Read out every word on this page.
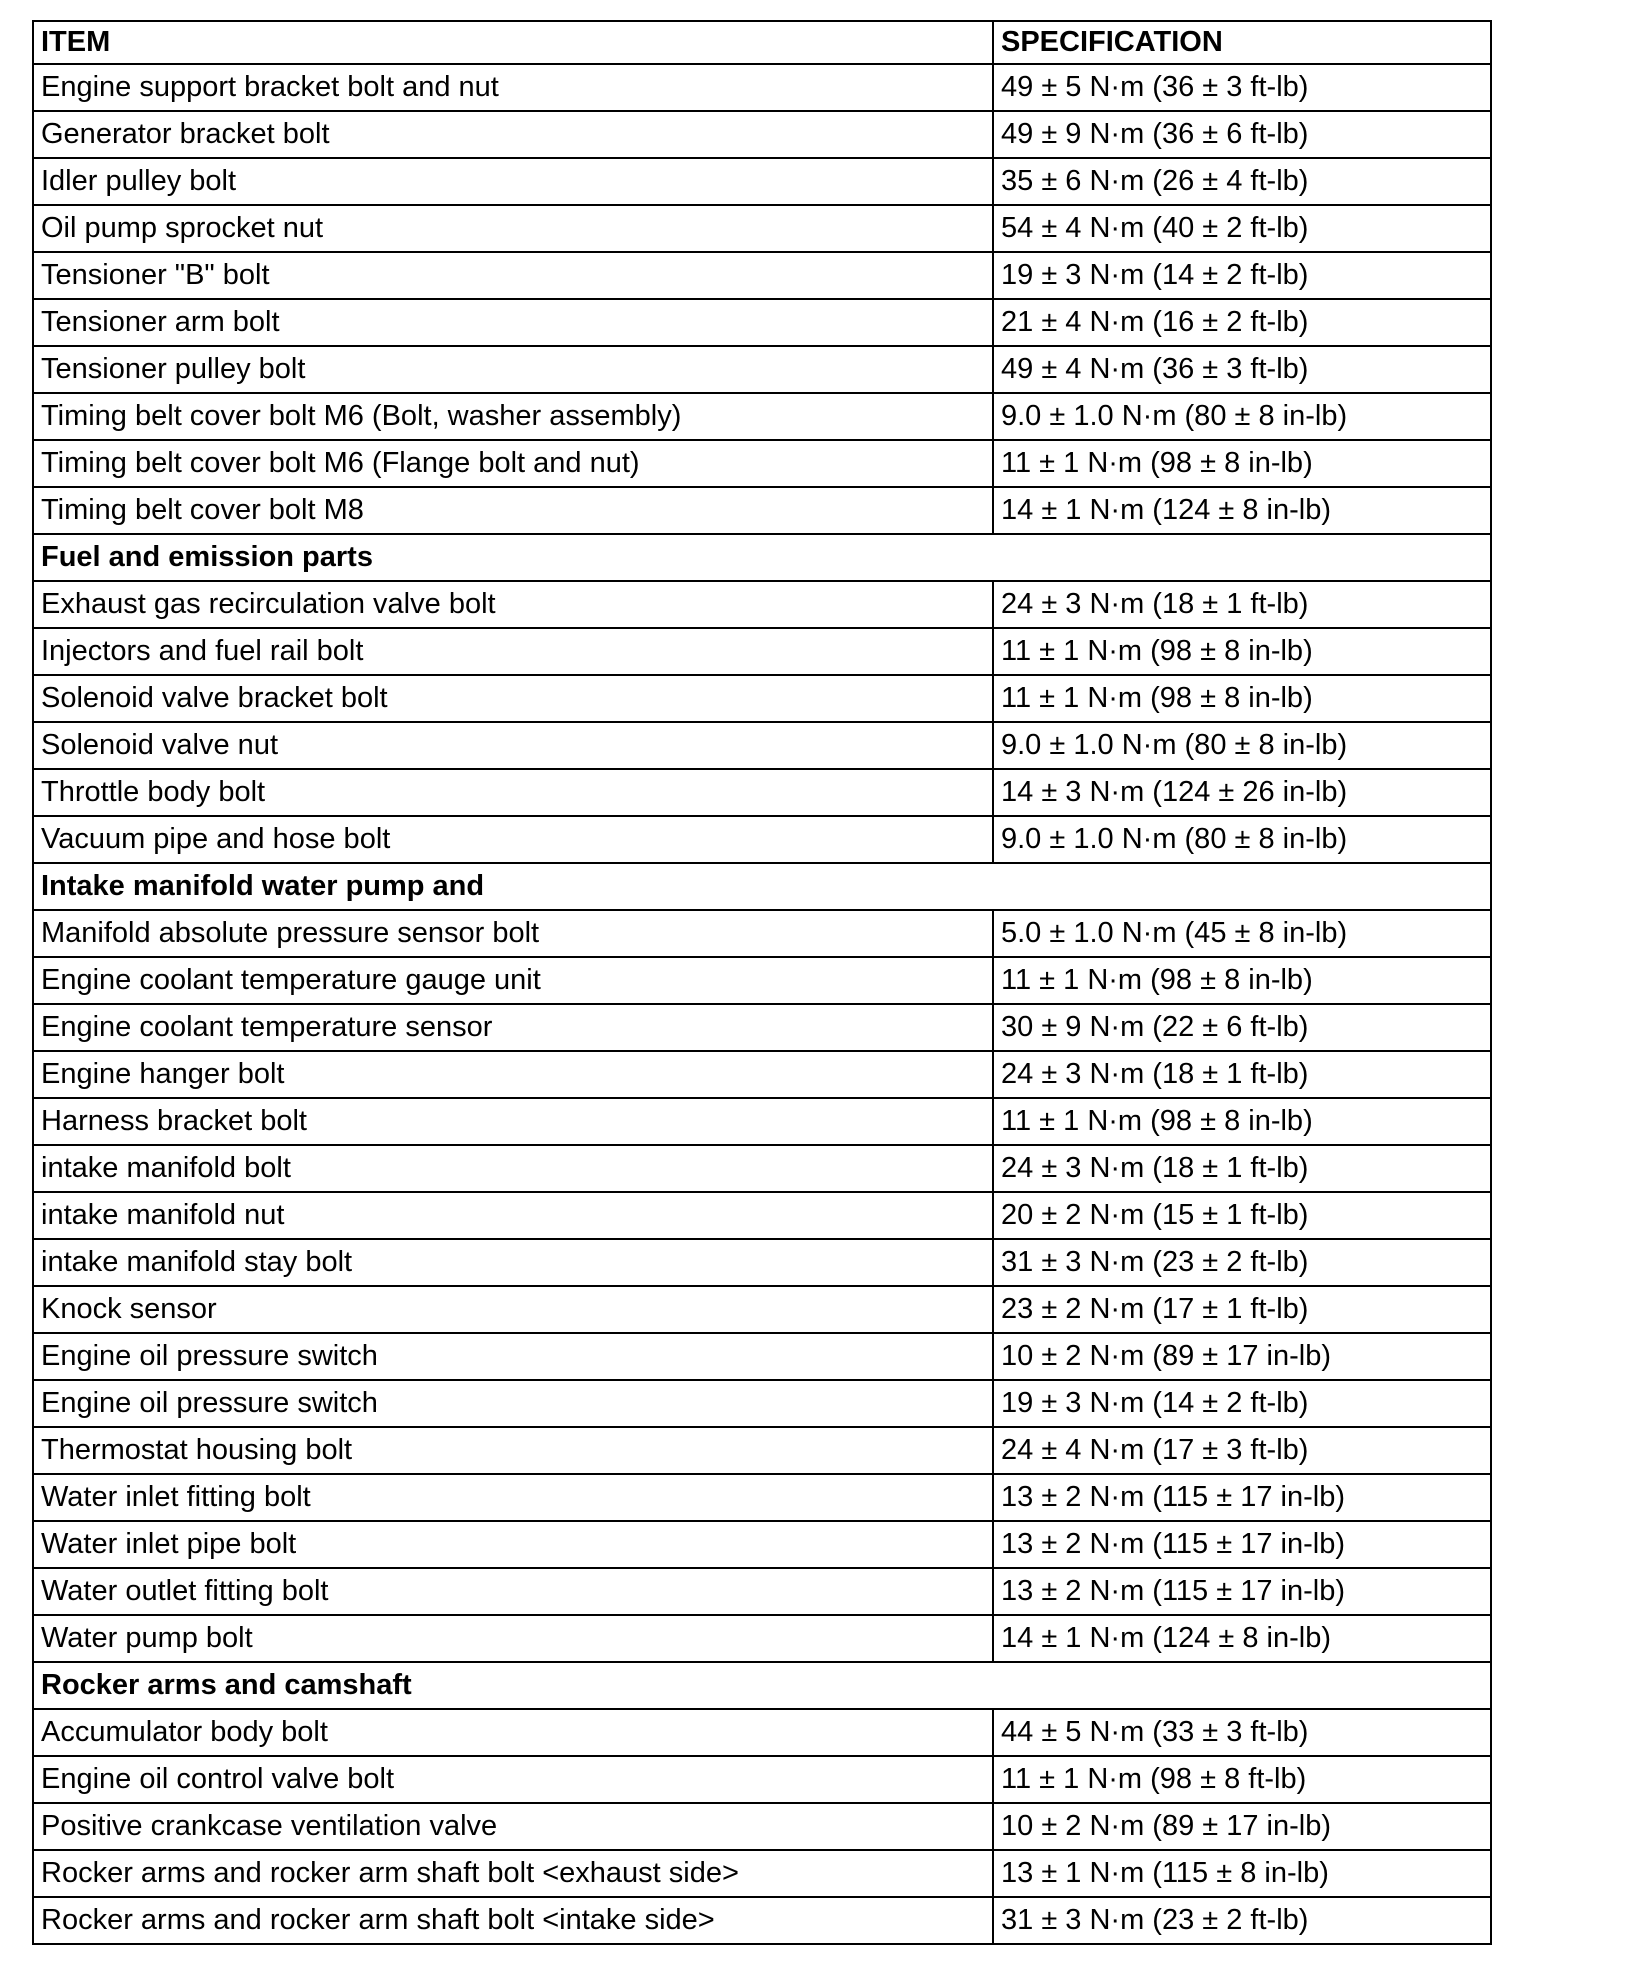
ITEM	SPECIFICATION
Engine support bracket bolt and nut	49 ± 5 N·m (36 ± 3 ft-lb)
Generator bracket bolt	49 ± 9 N·m (36 ± 6 ft-lb)
Idler pulley bolt	35 ± 6 N·m (26 ± 4 ft-lb)
Oil pump sprocket nut	54 ± 4 N·m (40 ± 2 ft-lb)
Tensioner "B" bolt	19 ± 3 N·m (14 ± 2 ft-lb)
Tensioner arm bolt	21 ± 4 N·m (16 ± 2 ft-lb)
Tensioner pulley bolt	49 ± 4 N·m (36 ± 3 ft-lb)
Timing belt cover bolt M6 (Bolt, washer assembly)	9.0 ± 1.0 N·m (80 ± 8 in-lb)
Timing belt cover bolt M6 (Flange bolt and nut)	11 ± 1 N·m (98 ± 8 in-lb)
Timing belt cover bolt M8	14 ± 1 N·m (124 ± 8 in-lb)
Fuel and emission parts	
Exhaust gas recirculation valve bolt	24 ± 3 N·m (18 ± 1 ft-lb)
Injectors and fuel rail bolt	11 ± 1 N·m (98 ± 8 in-lb)
Solenoid valve bracket bolt	11 ± 1 N·m (98 ± 8 in-lb)
Solenoid valve nut	9.0 ± 1.0 N·m (80 ± 8 in-lb)
Throttle body bolt	14 ± 3 N·m (124 ± 26 in-lb)
Vacuum pipe and hose bolt	9.0 ± 1.0 N·m (80 ± 8 in-lb)
Intake manifold water pump and	
Manifold absolute pressure sensor bolt	5.0 ± 1.0 N·m (45 ± 8 in-lb)
Engine coolant temperature gauge unit	11 ± 1 N·m (98 ± 8 in-lb)
Engine coolant temperature sensor	30 ± 9 N·m (22 ± 6 ft-lb)
Engine hanger bolt	24 ± 3 N·m (18 ± 1 ft-lb)
Harness bracket bolt	11 ± 1 N·m (98 ± 8 in-lb)
intake manifold bolt	24 ± 3 N·m (18 ± 1 ft-lb)
intake manifold nut	20 ± 2 N·m (15 ± 1 ft-lb)
intake manifold stay bolt	31 ± 3 N·m (23 ± 2 ft-lb)
Knock sensor	23 ± 2 N·m (17 ± 1 ft-lb)
Engine oil pressure switch	10 ± 2 N·m (89 ± 17 in-lb)
Engine oil pressure switch	19 ± 3 N·m (14 ± 2 ft-lb)
Thermostat housing bolt	24 ± 4 N·m (17 ± 3 ft-lb)
Water inlet fitting bolt	13 ± 2 N·m (115 ± 17 in-lb)
Water inlet pipe bolt	13 ± 2 N·m (115 ± 17 in-lb)
Water outlet fitting bolt	13 ± 2 N·m (115 ± 17 in-lb)
Water pump bolt	14 ± 1 N·m (124 ± 8 in-lb)
Rocker arms and camshaft	
Accumulator body bolt	44 ± 5 N·m (33 ± 3 ft-lb)
Engine oil control valve bolt	11 ± 1 N·m (98 ± 8 ft-lb)
Positive crankcase ventilation valve	10 ± 2 N·m (89 ± 17 in-lb)
Rocker arms and rocker arm shaft bolt <exhaust side>	13 ± 1 N·m (115 ± 8 in-lb)
Rocker arms and rocker arm shaft bolt <intake side>	31 ± 3 N·m (23 ± 2 ft-lb)
